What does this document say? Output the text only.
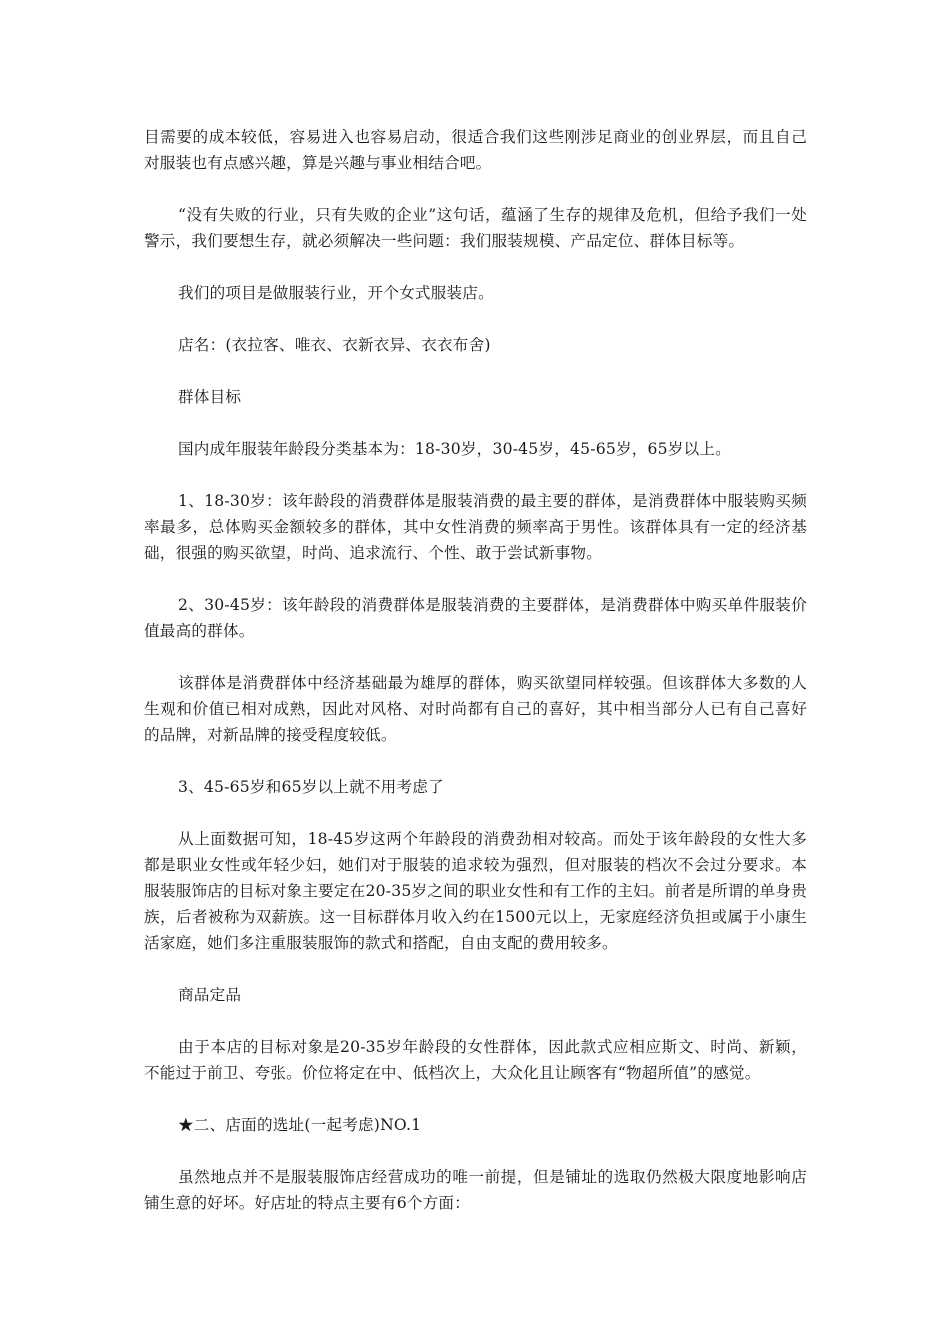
目需要的成本较低，容易进入也容易启动，很适合我们这些刚涉足商业的创业界层，而且自己对服装也有点感兴趣，算是兴趣与事业相结合吧。

“没有失败的行业，只有失败的企业”这句话，蕴涵了生存的规律及危机，但给予我们一处警示，我们要想生存，就必须解决一些问题：我们服装规模、产品定位、群体目标等。

我们的项目是做服装行业，开个女式服装店。

店名：(衣拉客、唯衣、衣新衣异、衣衣布舍)

群体目标

国内成年服装年龄段分类基本为：18-30岁，30-45岁，45-65岁，65岁以上。

1、18-30岁：该年龄段的消费群体是服装消费的最主要的群体，是消费群体中服装购买频率最多，总体购买金额较多的群体，其中女性消费的频率高于男性。该群体具有一定的经济基础，很强的购买欲望，时尚、追求流行、个性、敢于尝试新事物。

2、30-45岁：该年龄段的消费群体是服装消费的主要群体，是消费群体中购买单件服装价值最高的群体。

该群体是消费群体中经济基础最为雄厚的群体，购买欲望同样较强。但该群体大多数的人生观和价值已相对成熟，因此对风格、对时尚都有自己的喜好，其中相当部分人已有自己喜好的品牌，对新品牌的接受程度较低。

3、45-65岁和65岁以上就不用考虑了

从上面数据可知，18-45岁这两个年龄段的消费劲相对较高。而处于该年龄段的女性大多都是职业女性或年轻少妇，她们对于服装的追求较为强烈，但对服装的档次不会过分要求。本服装服饰店的目标对象主要定在20-35岁之间的职业女性和有工作的主妇。前者是所谓的单身贵族，后者被称为双薪族。这一目标群体月收入约在1500元以上，无家庭经济负担或属于小康生活家庭，她们多注重服装服饰的款式和搭配，自由支配的费用较多。

商品定品

由于本店的目标对象是20-35岁年龄段的女性群体，因此款式应相应斯文、时尚、新颖，不能过于前卫、夸张。价位将定在中、低档次上，大众化且让顾客有“物超所值”的感觉。

★二、店面的选址(一起考虑)NO.1

虽然地点并不是服装服饰店经营成功的唯一前提，但是铺址的选取仍然极大限度地影响店铺生意的好坏。好店址的特点主要有6个方面：
